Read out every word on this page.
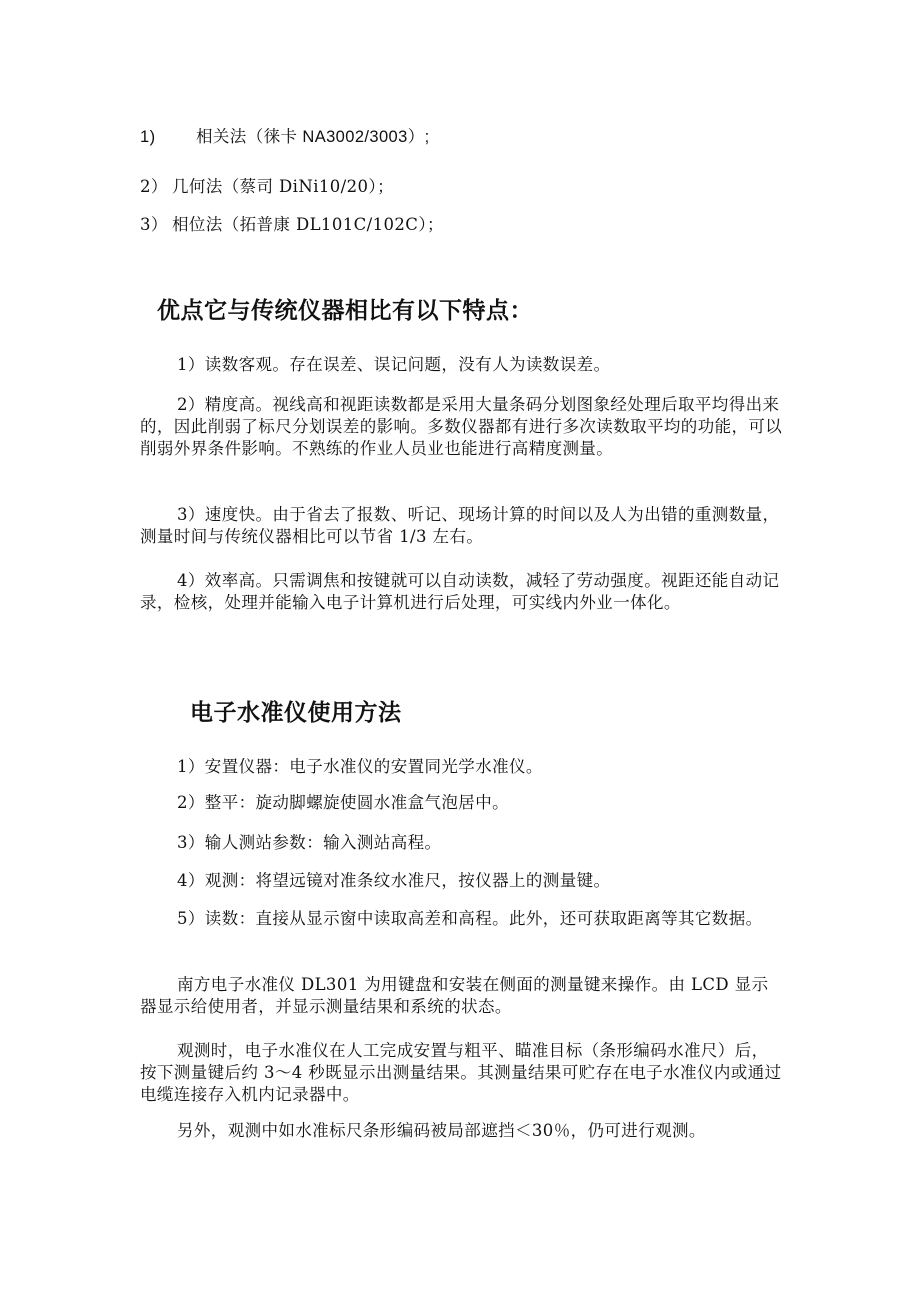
1) 相关法（徕卡 NA3002/3003）;

2） 几何法（蔡司 DiNi10/20）；

3） 相位法（拓普康 DL101C/102C）；

优点它与传统仪器相比有以下特点：

1）读数客观。存在误差、误记问题，没有人为读数误差。

2）精度高。视线高和视距读数都是采用大量条码分划图象经处理后取平均得出来的，因此削弱了标尺分划误差的影响。多数仪器都有进行多次读数取平均的功能，可以削弱外界条件影响。不熟练的作业人员业也能进行高精度测量。

3）速度快。由于省去了报数、听记、现场计算的时间以及人为出错的重测数量，测量时间与传统仪器相比可以节省 1/3 左右。

4）效率高。只需调焦和按键就可以自动读数，减轻了劳动强度。视距还能自动记录，检核，处理并能输入电子计算机进行后处理，可实线内外业一体化。

电子水准仪使用方法

1）安置仪器：电子水准仪的安置同光学水准仪。

2）整平：旋动脚螺旋使圆水准盒气泡居中。

3）输人测站参数：输入测站高程。

4）观测：将望远镜对准条纹水准尺，按仪器上的测量键。

5）读数：直接从显示窗中读取高差和高程。此外，还可获取距离等其它数据。

南方电子水准仪 DL301 为用键盘和安装在侧面的测量键来操作。由 LCD 显示器显示给使用者，并显示测量结果和系统的状态。

观测时，电子水准仪在人工完成安置与粗平、瞄准目标（条形编码水准尺）后，按下测量键后约 3～4 秒既显示出测量结果。其测量结果可贮存在电子水准仪内或通过电缆连接存入机内记录器中。

另外，观测中如水准标尺条形编码被局部遮挡＜30％，仍可进行观测。
